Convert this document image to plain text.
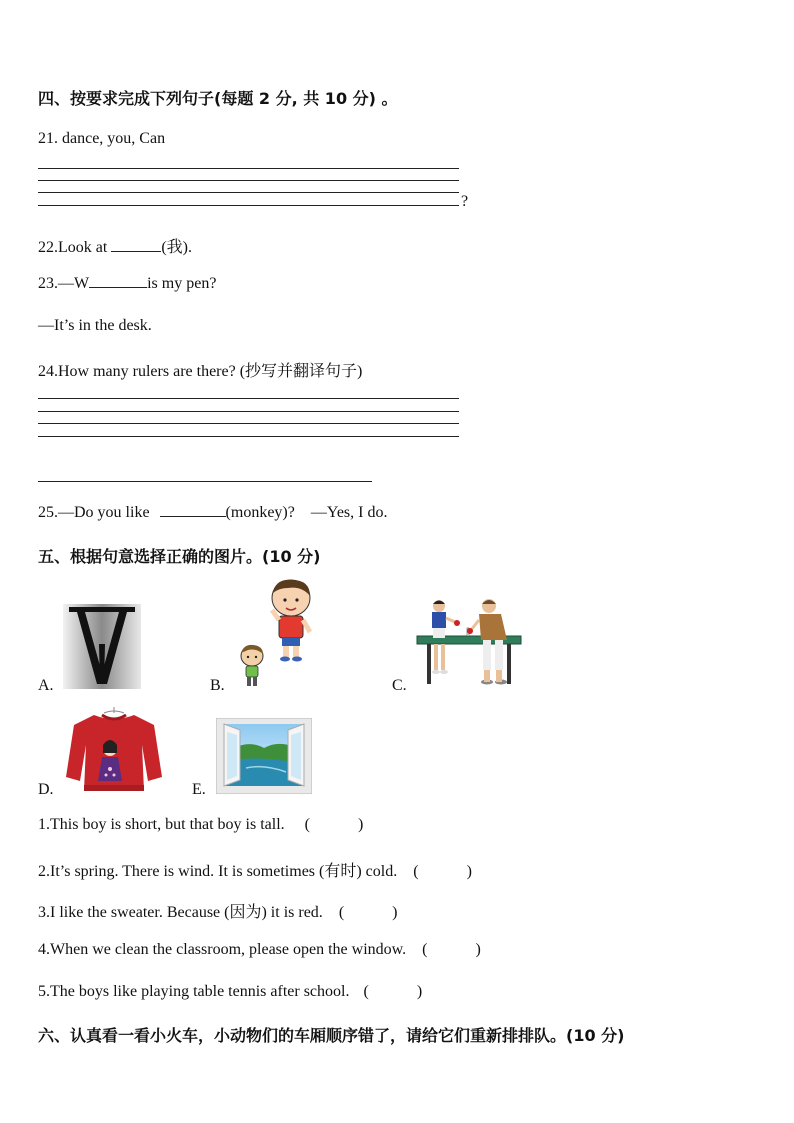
四、按要求完成下列句子(每题 2 分, 共 10 分) 。
21. dance, you, Can
?
22.Look at	(我).
23.—W	is my pen?
—It’s in the desk.
24.How many rulers are there? (抄写并翻译句子)
25.—Do you like	(monkey)? —Yes, I do.
五、根据句意选择正确的图片。(10 分)
A.	B.	C.
D.	E.
1.This boy is short, but that boy is tall. (            )
2.It’s spring. There is wind. It is sometimes (有时) cold. (            )
3.I like the sweater. Because (因为) it is red. (            )
4.When we clean the classroom, please open the window. (            )
5.The boys like playing table tennis after school. (            )
六、认真看一看小火车，小动物们的车厢顺序错了，请给它们重新排排队。(10 分)
